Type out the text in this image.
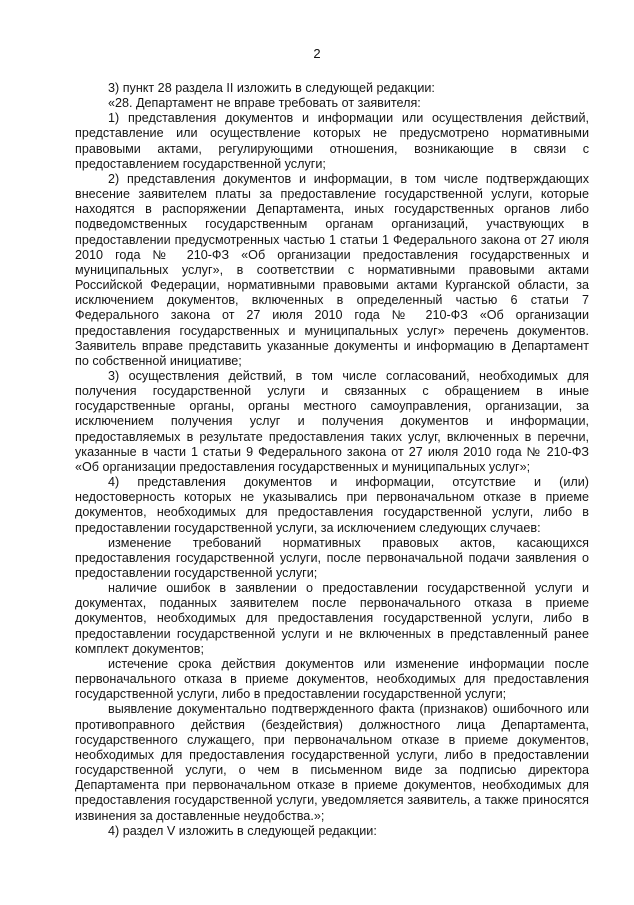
2

3) пункт 28 раздела II изложить в следующей редакции:

«28. Департамент не вправе требовать от заявителя:

1) представления документов и информации или осуществления действий, представление или осуществление которых не предусмотрено нормативными правовыми актами, регулирующими отношения, возникающие в связи с предоставлением государственной услуги;

2) представления документов и информации, в том числе подтверждающих внесение заявителем платы за предоставление государственной услуги, которые находятся в распоряжении Департамента, иных государственных органов либо подведомственных государственным органам организаций, участвующих в предоставлении предусмотренных частью 1 статьи 1 Федерального закона от 27 июля 2010 года № 210-ФЗ «Об организации предоставления государственных и муниципальных услуг», в соответствии с нормативными правовыми актами Российской Федерации, нормативными правовыми актами Курганской области, за исключением документов, включенных в определенный частью 6 статьи 7 Федерального закона от 27 июля 2010 года № 210-ФЗ «Об организации предоставления государственных и муниципальных услуг» перечень документов. Заявитель вправе представить указанные документы и информацию в Департамент по собственной инициативе;

3) осуществления действий, в том числе согласований, необходимых для получения государственной услуги и связанных с обращением в иные государственные органы, органы местного самоуправления, организации, за исключением получения услуг и получения документов и информации, предоставляемых в результате предоставления таких услуг, включенных в перечни, указанные в части 1 статьи 9 Федерального закона от 27 июля 2010 года № 210-ФЗ «Об организации предоставления государственных и муниципальных услуг»;

4) представления документов и информации, отсутствие и (или) недостоверность которых не указывались при первоначальном отказе в приеме документов, необходимых для предоставления государственной услуги, либо в предоставлении государственной услуги, за исключением следующих случаев:

изменение требований нормативных правовых актов, касающихся предоставления государственной услуги, после первоначальной подачи заявления о предоставлении государственной услуги;

наличие ошибок в заявлении о предоставлении государственной услуги и документах, поданных заявителем после первоначального отказа в приеме документов, необходимых для предоставления государственной услуги, либо в предоставлении государственной услуги и не включенных в представленный ранее комплект документов;

истечение срока действия документов или изменение информации после первоначального отказа в приеме документов, необходимых для предоставления государственной услуги, либо в предоставлении государственной услуги;

выявление документально подтвержденного факта (признаков) ошибочного или противоправного действия (бездействия) должностного лица Департамента, государственного служащего, при первоначальном отказе в приеме документов, необходимых для предоставления государственной услуги, либо в предоставлении государственной услуги, о чем в письменном виде за подписью директора Департамента при первоначальном отказе в приеме документов, необходимых для предоставления государственной услуги, уведомляется заявитель, а также приносятся извинения за доставленные неудобства.»;

4) раздел V изложить в следующей редакции:
